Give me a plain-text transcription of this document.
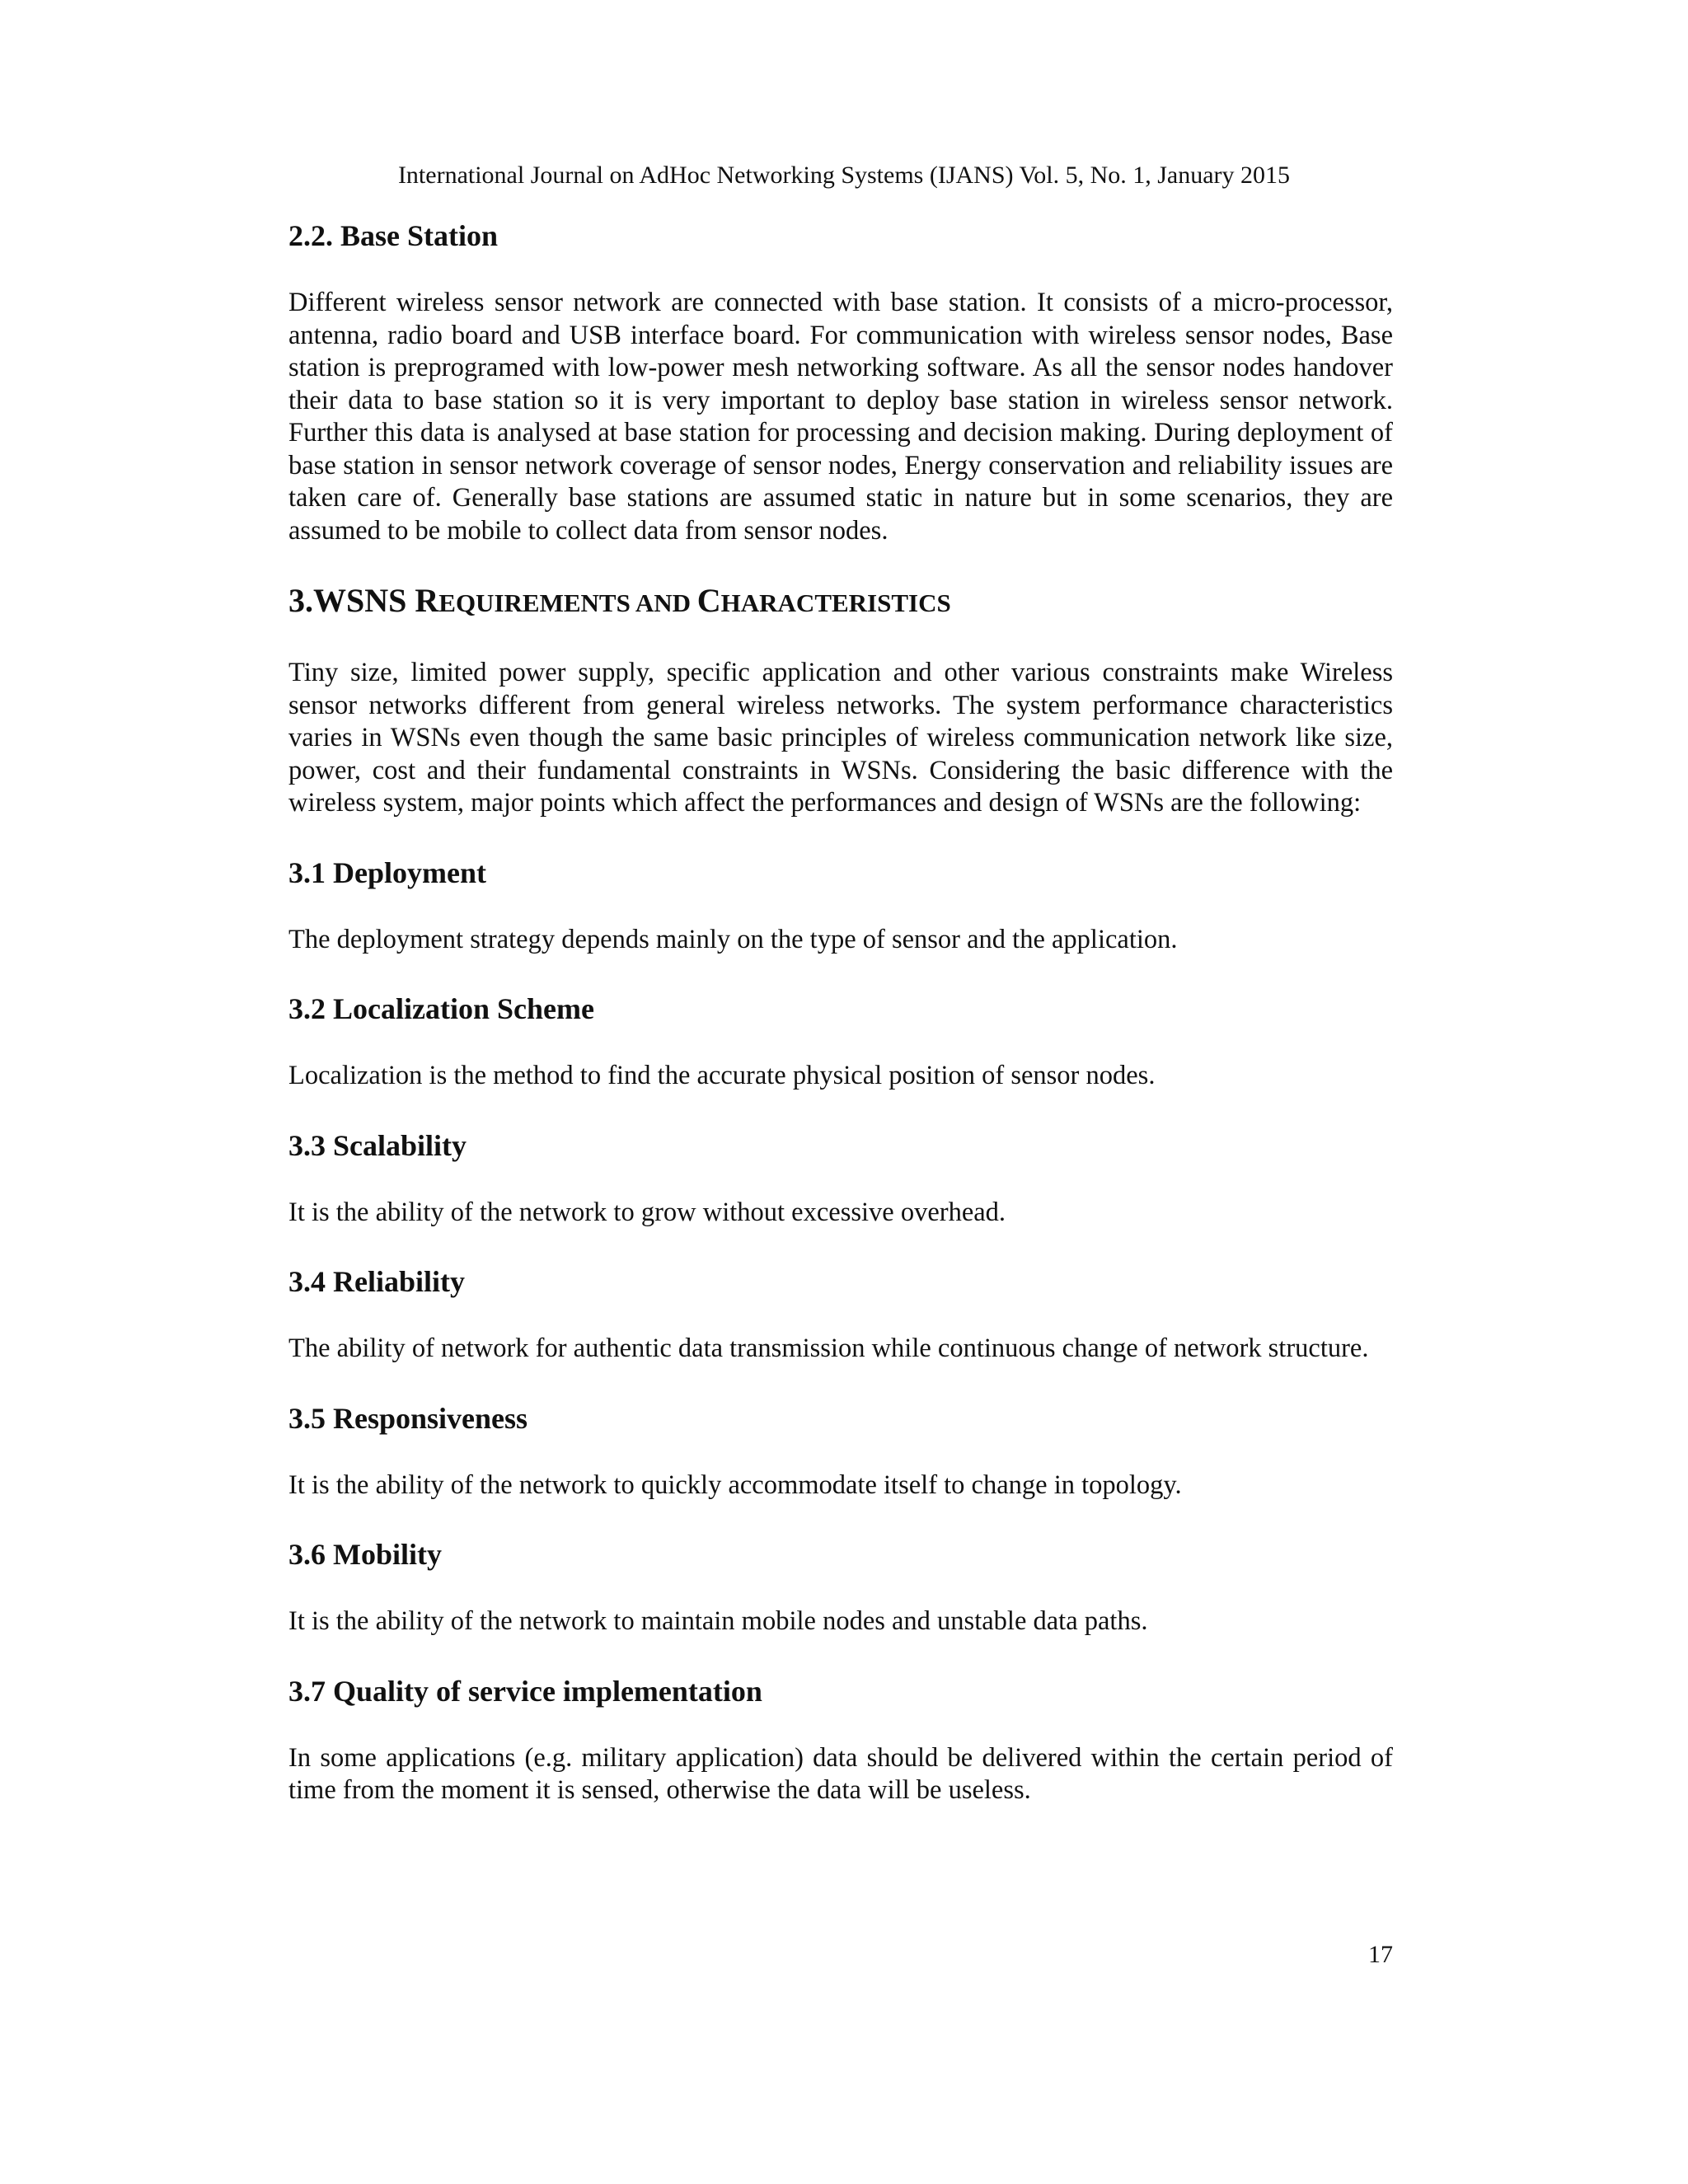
International Journal on AdHoc Networking Systems (IJANS) Vol. 5, No. 1, January 2015
2.2. Base Station

Different wireless sensor network are connected with base station. It consists of a micro-processor, antenna, radio board and USB interface board. For communication with wireless sensor nodes, Base station is preprogramed with low-power mesh networking software. As all the sensor nodes handover their data to base station so it is very important to deploy base station in wireless sensor network. Further this data is analysed at base station for processing and decision making. During deployment of base station in sensor network coverage of sensor nodes, Energy conservation and reliability issues are taken care of. Generally base stations are assumed static in nature but in some scenarios, they are assumed to be mobile to collect data from sensor nodes.

3.WSNS REQUIREMENTS AND CHARACTERISTICS

Tiny size, limited power supply, specific application and other various constraints make Wireless sensor networks different from general wireless networks. The system performance characteristics varies in WSNs even though the same basic principles of wireless communication network like size, power, cost and their fundamental constraints in WSNs. Considering the basic difference with the wireless system, major points which affect the performances and design of WSNs are the following:

3.1 Deployment

The deployment strategy depends mainly on the type of sensor and the application.

3.2 Localization Scheme

Localization is the method to find the accurate physical position of sensor nodes.

3.3 Scalability

It is the ability of the network to grow without excessive overhead.

3.4 Reliability

The ability of network for authentic data transmission while continuous change of network structure.

3.5 Responsiveness

It is the ability of the network to quickly accommodate itself to change in topology.

3.6 Mobility

It is the ability of the network to maintain mobile nodes and unstable data paths.

3.7 Quality of service implementation

In some applications (e.g. military application) data should be delivered within the certain period of time from the moment it is sensed, otherwise the data will be useless.

17
